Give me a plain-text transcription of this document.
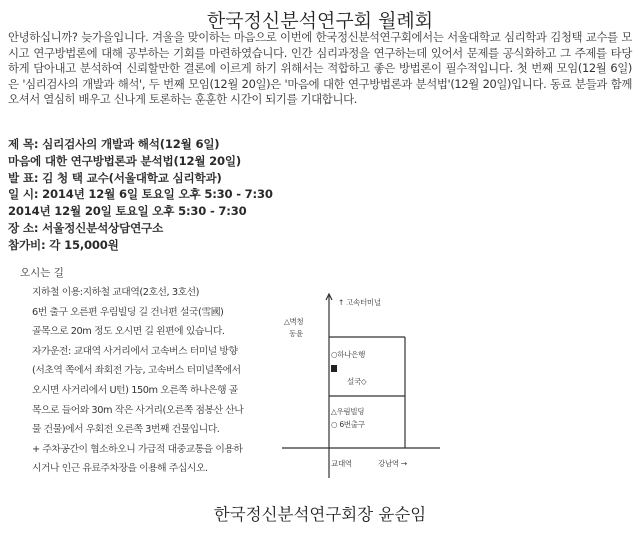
한국정신분석연구회 월례회
안녕하십니까? 늦가을입니다. 겨울을 맞이하는 마음으로 이번에 한국정신분석연구회에서는 서울대학교 심리학과 김청택 교수를 모시고 연구방법론에 대해 공부하는 기회를 마련하였습니다. 인간 심리과정을 연구하는데 있어서 문제를 공식화하고 그 주제를 타당하게 담아내고 분석하여 신뢰할만한 결론에 이르게 하기 위해서는 적합하고 좋은 방법론이 필수적입니다. 첫 번째 모임(12월 6일)은 '심리검사의 개발과 해석', 두 번째 모임(12월 20일)은 '마음에 대한 연구방법론과 분석법'(12월 20일)입니다. 동료 분들과 함께 오셔서 열심히 배우고 신나게 토론하는 훈훈한 시간이 되기를 기대합니다.
제 목: 심리검사의 개발과 해석(12월 6일)
마음에 대한 연구방법론과 분석법(12월 20일)
발 표: 김 청 택 교수(서울대학교 심리학과)
일 시: 2014년 12월 6일 토요일 오후 5:30 - 7:30
2014년 12월 20일 토요일 오후 5:30 - 7:30
장 소: 서울정신분석상담연구소
참가비: 각 15,000원
오시는 길
지하철 이용:지하철 교대역(2호선, 3호선)
6번 출구 오른편 우림빌딩 길 건너편 설국(雪國)
골목으로 20m 정도 오시면 길 왼편에 있습니다.
자가운전: 교대역 사거리에서 고속버스 터미널 방향
(서초역 쪽에서 좌회전 가능, 고속버스 터미널쪽에서
오시면 사거리에서 U턴) 150m 오른쪽 하나은행 골
목으로 들어와 30m 작은 사거리(오른쪽 점봉산 산나
물 건물)에서 우회전 오른쪽 3번째 건물입니다.
+ 주차공간이 협소하오니 가급적 대중교통을 이용하
시거나 인근 유료주차장을 이용해 주십시오.
↑ 고속터미널
△벽청
동윤
○하나은행
설국◇
△우림빌딩
○ 6번출구
교대역	강남역 →
한국정신분석연구회장 윤순임
